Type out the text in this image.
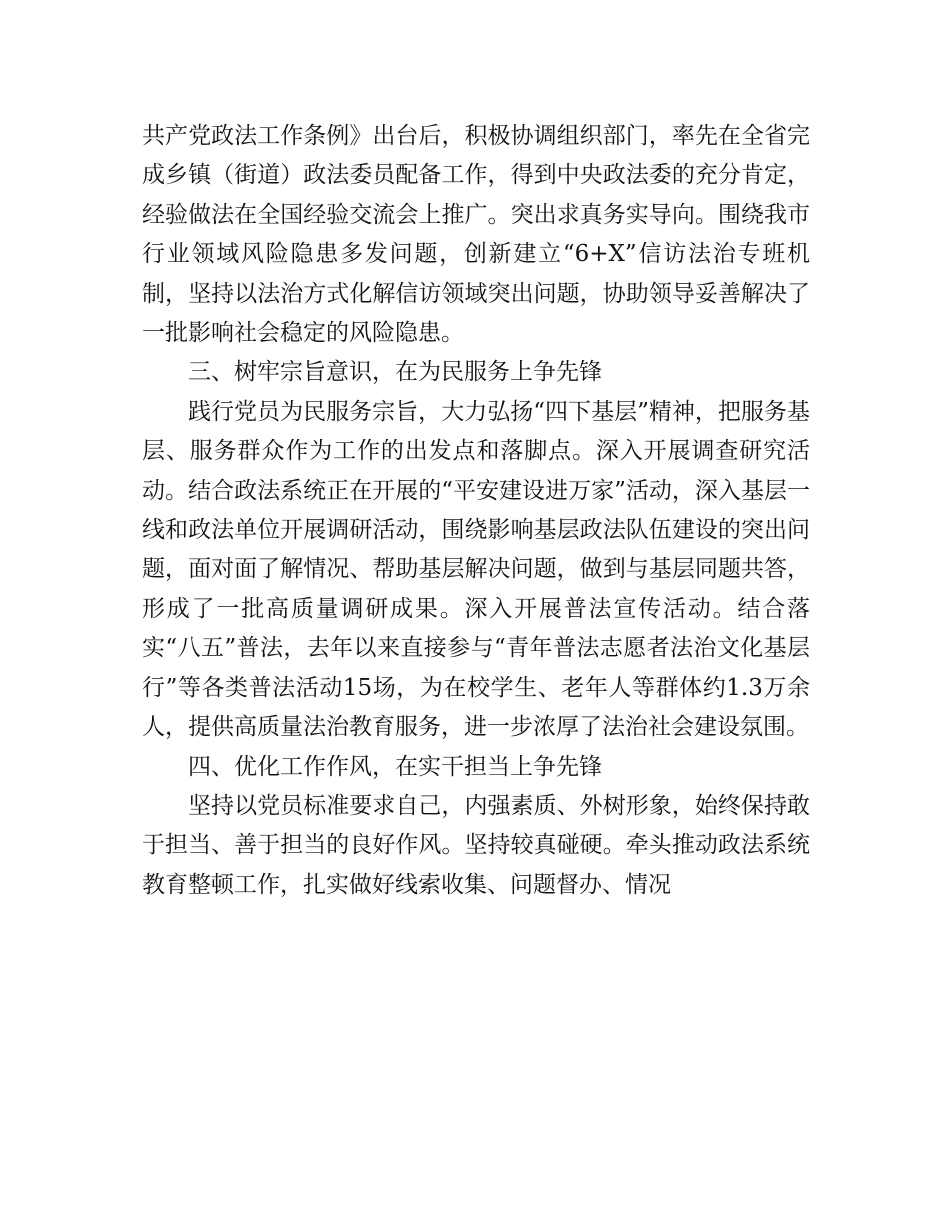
共产党政法工作条例》出台后，积极协调组织部门，率先在全省完成乡镇（街道）政法委员配备工作，得到中央政法委的充分肯定，经验做法在全国经验交流会上推广。突出求真务实导向。围绕我市行业领域风险隐患多发问题，创新建立“6+X”信访法治专班机制，坚持以法治方式化解信访领域突出问题，协助领导妥善解决了一批影响社会稳定的风险隐患。

三、树牢宗旨意识，在为民服务上争先锋

践行党员为民服务宗旨，大力弘扬“四下基层”精神，把服务基层、服务群众作为工作的出发点和落脚点。深入开展调查研究活动。结合政法系统正在开展的“平安建设进万家”活动，深入基层一线和政法单位开展调研活动，围绕影响基层政法队伍建设的突出问题，面对面了解情况、帮助基层解决问题，做到与基层同题共答，形成了一批高质量调研成果。深入开展普法宣传活动。结合落实“八五”普法，去年以来直接参与“青年普法志愿者法治文化基层行”等各类普法活动15场，为在校学生、老年人等群体约1.3万余人，提供高质量法治教育服务，进一步浓厚了法治社会建设氛围。

四、优化工作作风，在实干担当上争先锋

坚持以党员标准要求自己，内强素质、外树形象，始终保持敢于担当、善于担当的良好作风。坚持较真碰硬。牵头推动政法系统教育整顿工作，扎实做好线索收集、问题督办、情况
